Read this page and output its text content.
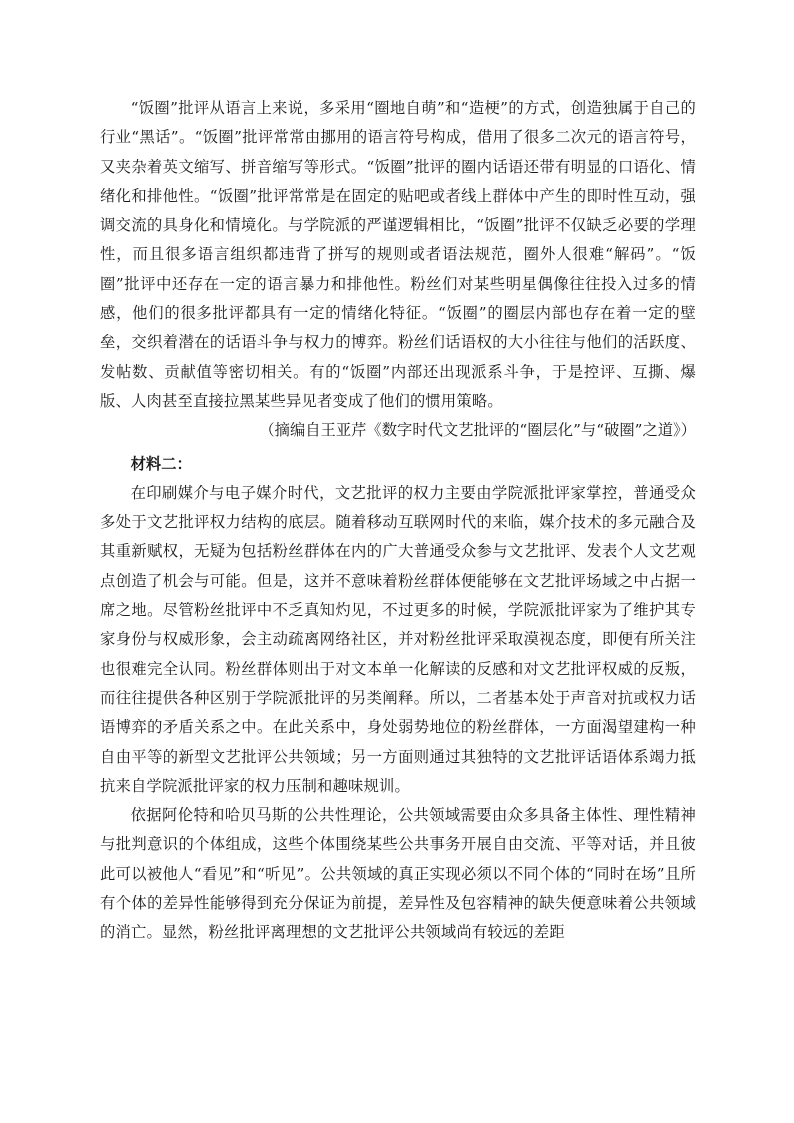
“饭圈”批评从语言上来说，多采用“圈地自萌”和“造梗”的方式，创造独属于自己的行业“黑话”。“饭圈”批评常常由挪用的语言符号构成，借用了很多二次元的语言符号，又夹杂着英文缩写、拼音缩写等形式。“饭圈”批评的圈内话语还带有明显的口语化、情绪化和排他性。“饭圈”批评常常是在固定的贴吧或者线上群体中产生的即时性互动，强调交流的具身化和情境化。与学院派的严谨逻辑相比，“饭圈”批评不仅缺乏必要的学理性，而且很多语言组织都违背了拼写的规则或者语法规范，圈外人很难“解码”。“饭圈”批评中还存在一定的语言暴力和排他性。粉丝们对某些明星偶像往往投入过多的情感，他们的很多批评都具有一定的情绪化特征。“饭圈”的圈层内部也存在着一定的壁垒，交织着潜在的话语斗争与权力的博弈。粉丝们话语权的大小往往与他们的活跃度、发帖数、贡献值等密切相关。有的“饭圈”内部还出现派系斗争，于是控评、互撕、爆版、人肉甚至直接拉黑某些异见者变成了他们的惯用策略。

（摘编自王亚芹《数字时代文艺批评的“圈层化”与“破圈”之道》）

材料二：

在印刷媒介与电子媒介时代，文艺批评的权力主要由学院派批评家掌控，普通受众多处于文艺批评权力结构的底层。随着移动互联网时代的来临，媒介技术的多元融合及其重新赋权，无疑为包括粉丝群体在内的广大普通受众参与文艺批评、发表个人文艺观点创造了机会与可能。但是，这并不意味着粉丝群体便能够在文艺批评场域之中占据一席之地。尽管粉丝批评中不乏真知灼见，不过更多的时候，学院派批评家为了维护其专家身份与权威形象，会主动疏离网络社区，并对粉丝批评采取漠视态度，即便有所关注也很难完全认同。粉丝群体则出于对文本单一化解读的反感和对文艺批评权威的反叛，而往往提供各种区别于学院派批评的另类阐释。所以，二者基本处于声音对抗或权力话语博弈的矛盾关系之中。在此关系中，身处弱势地位的粉丝群体，一方面渴望建构一种自由平等的新型文艺批评公共领域；另一方面则通过其独特的文艺批评话语体系竭力抵抗来自学院派批评家的权力压制和趣味规训。

依据阿伦特和哈贝马斯的公共性理论，公共领域需要由众多具备主体性、理性精神与批判意识的个体组成，这些个体围绕某些公共事务开展自由交流、平等对话，并且彼此可以被他人“看见”和“听见”。公共领域的真正实现必须以不同个体的“同时在场”且所有个体的差异性能够得到充分保证为前提，差异性及包容精神的缺失便意味着公共领域的消亡。显然，粉丝批评离理想的文艺批评公共领域尚有较远的差距
